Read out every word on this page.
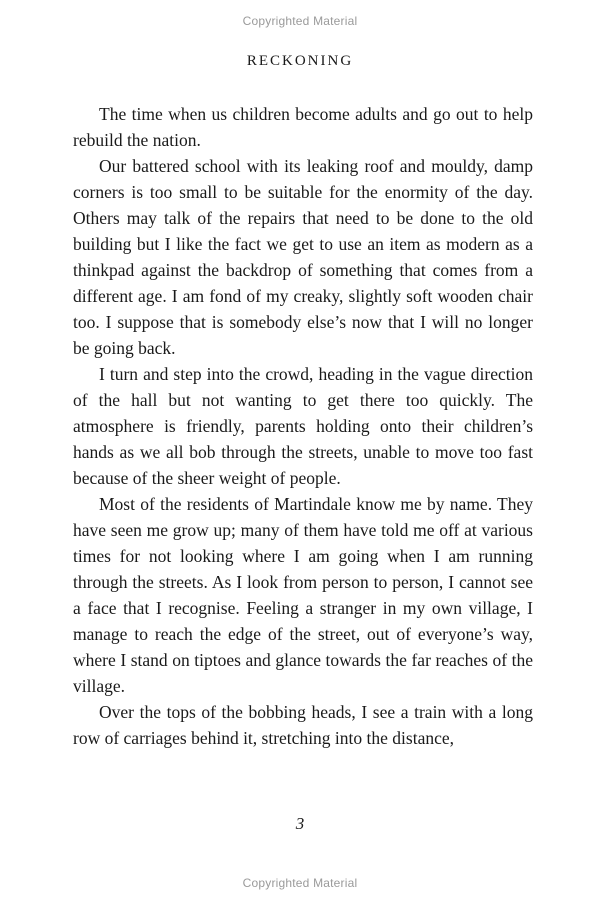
Copyrighted Material
RECKONING

The time when us children become adults and go out to help rebuild the nation.

Our battered school with its leaking roof and mouldy, damp corners is too small to be suitable for the enormity of the day. Others may talk of the repairs that need to be done to the old building but I like the fact we get to use an item as modern as a thinkpad against the backdrop of something that comes from a different age. I am fond of my creaky, slightly soft wooden chair too. I suppose that is somebody else’s now that I will no longer be going back.

I turn and step into the crowd, heading in the vague direction of the hall but not wanting to get there too quickly. The atmosphere is friendly, parents holding onto their children’s hands as we all bob through the streets, unable to move too fast because of the sheer weight of people.

Most of the residents of Martindale know me by name. They have seen me grow up; many of them have told me off at various times for not looking where I am going when I am running through the streets. As I look from person to person, I cannot see a face that I recognise. Feeling a stranger in my own village, I manage to reach the edge of the street, out of everyone’s way, where I stand on tiptoes and glance towards the far reaches of the village.

Over the tops of the bobbing heads, I see a train with a long row of carriages behind it, stretching into the distance,

3
Copyrighted Material
